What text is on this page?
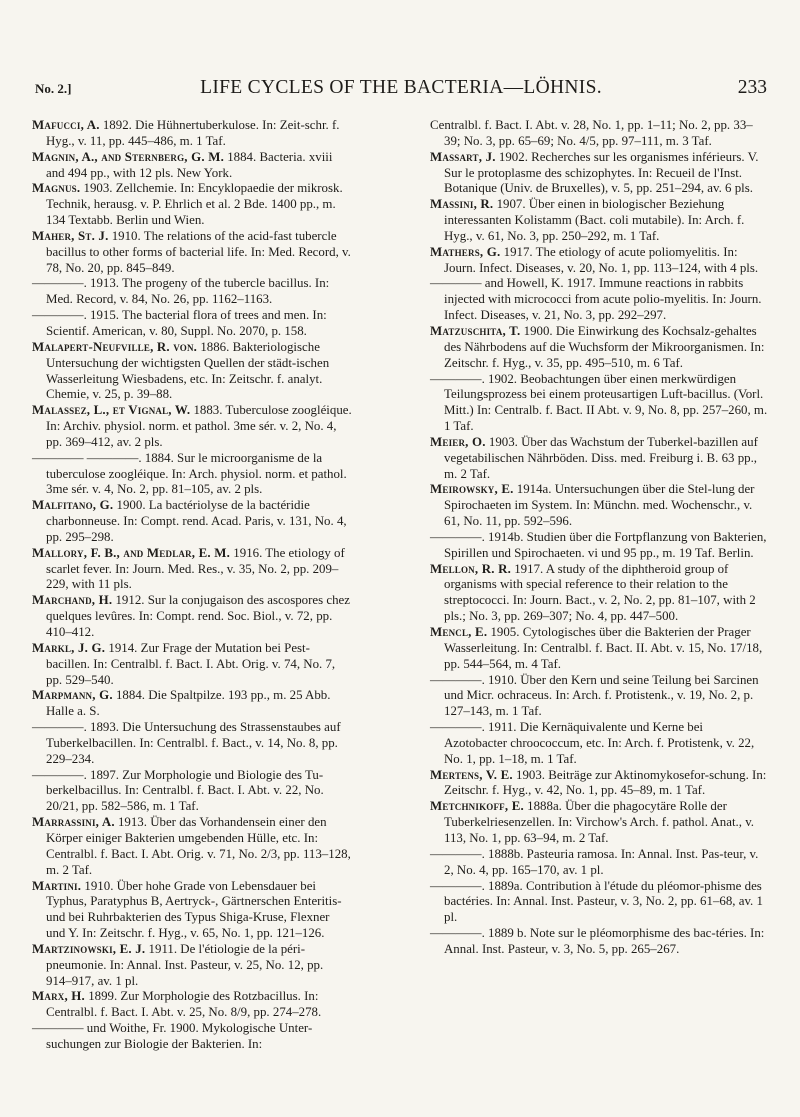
No. 2.]	LIFE CYCLES OF THE BACTERIA—LÖHNIS.	233

Mafucci, A. 1892. Die Hühnertuberkulose. In: Zeit-schr. f. Hyg., v. 11, pp. 445–486, m. 1 Taf.

Magnin, A., and Sternberg, G. M. 1884. Bacteria. xviii and 494 pp., with 12 pls. New York.

Magnus. 1903. Zellchemie. In: Encyklopaedie der mikrosk. Technik, herausg. v. P. Ehrlich et al. 2 Bde. 1400 pp., m. 134 Textabb. Berlin und Wien.

Maher, St. J. 1910. The relations of the acid-fast tubercle bacillus to other forms of bacterial life. In: Med. Record, v. 78, No. 20, pp. 845–849.

————. 1913. The progeny of the tubercle bacillus. In: Med. Record, v. 84, No. 26, pp. 1162–1163.

————. 1915. The bacterial flora of trees and men. In: Scientif. American, v. 80, Suppl. No. 2070, p. 158.

Malapert-Neufville, R. von. 1886. Bakteriologische Untersuchung der wichtigsten Quellen der städt-ischen Wasserleitung Wiesbadens, etc. In: Zeitschr. f. analyt. Chemie, v. 25, p. 39–88.

Malassez, L., et Vignal, W. 1883. Tuberculose zoogléique. In: Archiv. physiol. norm. et pathol. 3me sér. v. 2, No. 4, pp. 369–412, av. 2 pls.

———— ————. 1884. Sur le microorganisme de la tuberculose zoogléique. In: Arch. physiol. norm. et pathol. 3me sér. v. 4, No. 2, pp. 81–105, av. 2 pls.

Malfitano, G. 1900. La bactériolyse de la bactéridie charbonneuse. In: Compt. rend. Acad. Paris, v. 131, No. 4, pp. 295–298.

Mallory, F. B., and Medlar, E. M. 1916. The etiology of scarlet fever. In: Journ. Med. Res., v. 35, No. 2, pp. 209–229, with 11 pls.

Marchand, H. 1912. Sur la conjugaison des ascospores chez quelques levûres. In: Compt. rend. Soc. Biol., v. 72, pp. 410–412.

Markl, J. G. 1914. Zur Frage der Mutation bei Pest-bacillen. In: Centralbl. f. Bact. I. Abt. Orig. v. 74, No. 7, pp. 529–540.

Marpmann, G. 1884. Die Spaltpilze. 193 pp., m. 25 Abb. Halle a. S.

————. 1893. Die Untersuchung des Strassenstaubes auf Tuberkelbacillen. In: Centralbl. f. Bact., v. 14, No. 8, pp. 229–234.

————. 1897. Zur Morphologie und Biologie des Tu-berkelbacillus. In: Centralbl. f. Bact. I. Abt. v. 22, No. 20/21, pp. 582–586, m. 1 Taf.

Marrassini, A. 1913. Über das Vorhandensein einer den Körper einiger Bakterien umgebenden Hülle, etc. In: Centralbl. f. Bact. I. Abt. Orig. v. 71, No. 2/3, pp. 113–128, m. 2 Taf.

Martini. 1910. Über hohe Grade von Lebensdauer bei Typhus, Paratyphus B, Aertryck-, Gärtnerschen Enteritis- und bei Ruhrbakterien des Typus Shiga-Kruse, Flexner und Y. In: Zeitschr. f. Hyg., v. 65, No. 1, pp. 121–126.

Martzinowski, E. J. 1911. De l'étiologie de la péri-pneumonie. In: Annal. Inst. Pasteur, v. 25, No. 12, pp. 914–917, av. 1 pl.

Marx, H. 1899. Zur Morphologie des Rotzbacillus. In: Centralbl. f. Bact. I. Abt. v. 25, No. 8/9, pp. 274–278.

———— und Woithe, Fr. 1900. Mykologische Unter-suchungen zur Biologie der Bakterien. In:

Centralbl. f. Bact. I. Abt. v. 28, No. 1, pp. 1–11; No. 2, pp. 33–39; No. 3, pp. 65–69; No. 4/5, pp. 97–111, m. 3 Taf.

Massart, J. 1902. Recherches sur les organismes inférieurs. V. Sur le protoplasme des schizophytes. In: Recueil de l'Inst. Botanique (Univ. de Bruxelles), v. 5, pp. 251–294, av. 6 pls.

Massini, R. 1907. Über einen in biologischer Beziehung interessanten Kolistamm (Bact. coli mutabile). In: Arch. f. Hyg., v. 61, No. 3, pp. 250–292, m. 1 Taf.

Mathers, G. 1917. The etiology of acute poliomyelitis. In: Journ. Infect. Diseases, v. 20, No. 1, pp. 113–124, with 4 pls.

———— and Howell, K. 1917. Immune reactions in rabbits injected with micrococci from acute polio-myelitis. In: Journ. Infect. Diseases, v. 21, No. 3, pp. 292–297.

Matzuschita, T. 1900. Die Einwirkung des Kochsalz-gehaltes des Nährbodens auf die Wuchsform der Mikroorganismen. In: Zeitschr. f. Hyg., v. 35, pp. 495–510, m. 6 Taf.

————. 1902. Beobachtungen über einen merkwürdigen Teilungsprozess bei einem proteusartigen Luft-bacillus. (Vorl. Mitt.) In: Centralb. f. Bact. II Abt. v. 9, No. 8, pp. 257–260, m. 1 Taf.

Meier, O. 1903. Über das Wachstum der Tuberkel-bazillen auf vegetabilischen Nährböden. Diss. med. Freiburg i. B. 63 pp., m. 2 Taf.

Meirowsky, E. 1914a. Untersuchungen über die Stel-lung der Spirochaeten im System. In: Münchn. med. Wochenschr., v. 61, No. 11, pp. 592–596.

————. 1914b. Studien über die Fortpflanzung von Bakterien, Spirillen und Spirochaeten. vi und 95 pp., m. 19 Taf. Berlin.

Mellon, R. R. 1917. A study of the diphtheroid group of organisms with special reference to their relation to the streptococci. In: Journ. Bact., v. 2, No. 2, pp. 81–107, with 2 pls.; No. 3, pp. 269–307; No. 4, pp. 447–500.

Mencl, E. 1905. Cytologisches über die Bakterien der Prager Wasserleitung. In: Centralbl. f. Bact. II. Abt. v. 15, No. 17/18, pp. 544–564, m. 4 Taf.

————. 1910. Über den Kern und seine Teilung bei Sarcinen und Micr. ochraceus. In: Arch. f. Protistenk., v. 19, No. 2, p. 127–143, m. 1 Taf.

————. 1911. Die Kernäquivalente und Kerne bei Azotobacter chroococcum, etc. In: Arch. f. Protistenk, v. 22, No. 1, pp. 1–18, m. 1 Taf.

Mertens, V. E. 1903. Beiträge zur Aktinomykosefor-schung. In: Zeitschr. f. Hyg., v. 42, No. 1, pp. 45–89, m. 1 Taf.

Metchnikoff, E. 1888a. Über die phagocytäre Rolle der Tuberkelriesenzellen. In: Virchow's Arch. f. pathol. Anat., v. 113, No. 1, pp. 63–94, m. 2 Taf.

————. 1888b. Pasteuria ramosa. In: Annal. Inst. Pas-teur, v. 2, No. 4, pp. 165–170, av. 1 pl.

————. 1889a. Contribution à l'étude du pléomor-phisme des bactéries. In: Annal. Inst. Pasteur, v. 3, No. 2, pp. 61–68, av. 1 pl.

————. 1889 b. Note sur le pléomorphisme des bac-téries. In: Annal. Inst. Pasteur, v. 3, No. 5, pp. 265–267.
